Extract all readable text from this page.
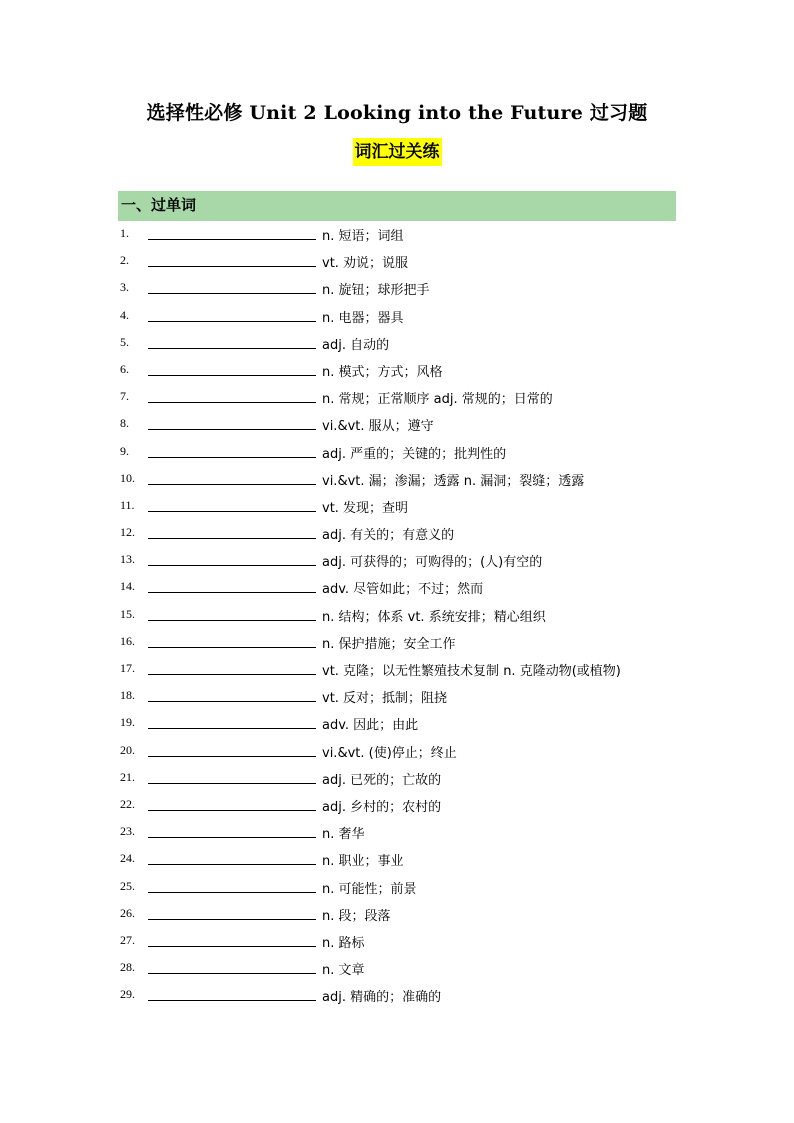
选择性必修 Unit 2 Looking into the Future 过习题
词汇过关练
一、过单词
1.	n. 短语；词组
2.	vt. 劝说；说服
3.	n. 旋钮；球形把手
4.	n. 电器；器具
5.	adj. 自动的
6.	n. 模式；方式；风格
7.	n. 常规；正常顺序 adj. 常规的；日常的
8.	vi.&vt. 服从；遵守
9.	adj. 严重的；关键的；批判性的
10.	vi.&vt. 漏；渗漏；透露 n. 漏洞；裂缝；透露
11.	vt. 发现；查明
12.	adj. 有关的；有意义的
13.	adj. 可获得的；可购得的；(人)有空的
14.	adv. 尽管如此；不过；然而
15.	n. 结构；体系 vt. 系统安排；精心组织
16.	n. 保护措施；安全工作
17.	vt. 克隆；以无性繁殖技术复制 n. 克隆动物(或植物)
18.	vt. 反对；抵制；阻挠
19.	adv. 因此；由此
20.	vi.&vt. (使)停止；终止
21.	adj. 已死的；亡故的
22.	adj. 乡村的；农村的
23.	n. 奢华
24.	n. 职业；事业
25.	n. 可能性；前景
26.	n. 段；段落
27.	n. 路标
28.	n. 文章
29.	adj. 精确的；准确的
